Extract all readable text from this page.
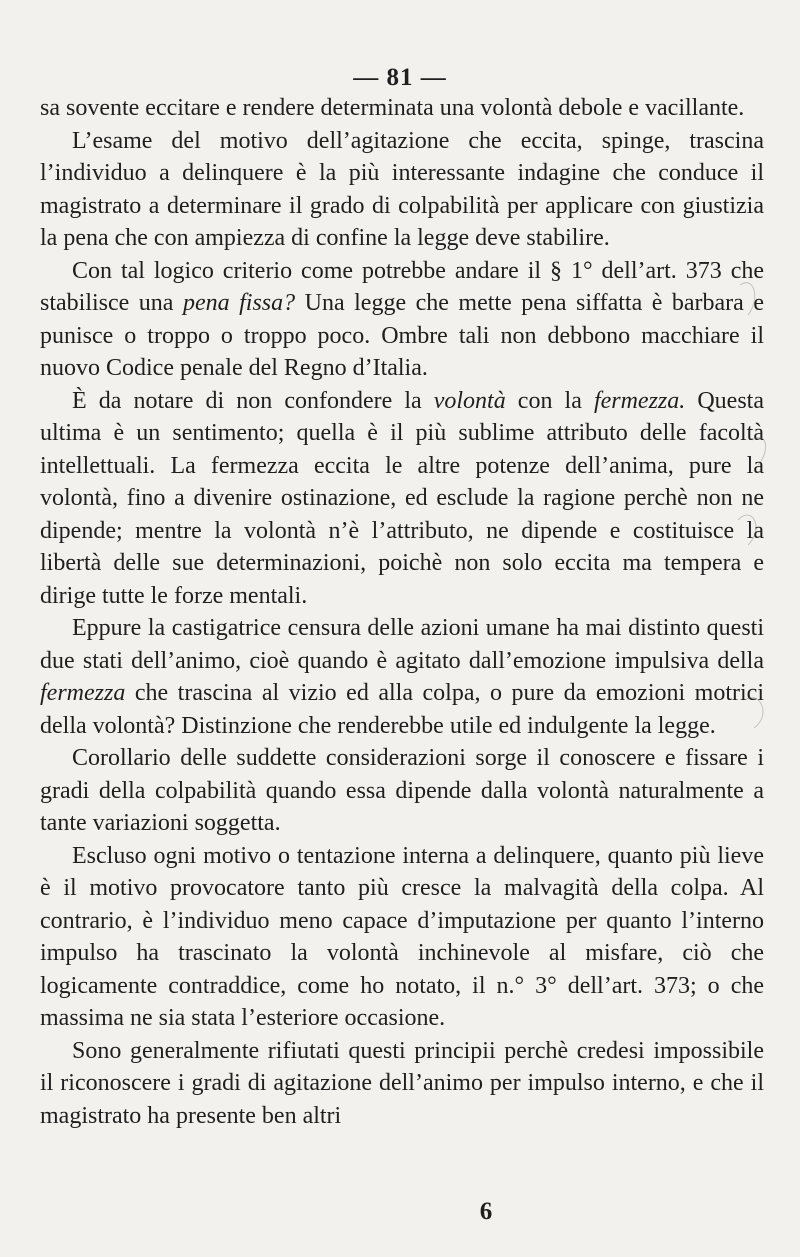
— 81 —

sa sovente eccitare e rendere determinata una volontà debole e vacillante.

L’esame del motivo dell’agitazione che eccita, spinge, trascina l’individuo a delinquere è la più interessante indagine che conduce il magistrato a determinare il grado di colpabilità per applicare con giustizia la pena che con ampiezza di confine la legge deve stabilire.

Con tal logico criterio come potrebbe andare il § 1° dell’art. 373 che stabilisce una pena fissa? Una legge che mette pena siffatta è barbara e punisce o troppo o troppo poco. Ombre tali non debbono macchiare il nuovo Codice penale del Regno d’Italia.

È da notare di non confondere la volontà con la fermezza. Questa ultima è un sentimento; quella è il più sublime attributo delle facoltà intellettuali. La fermezza eccita le altre potenze dell’anima, pure la volontà, fino a divenire ostinazione, ed esclude la ragione perchè non ne dipende; mentre la volontà n’è l’attributo, ne dipende e costituisce la libertà delle sue determinazioni, poichè non solo eccita ma tempera e dirige tutte le forze mentali.

Eppure la castigatrice censura delle azioni umane ha mai distinto questi due stati dell’animo, cioè quando è agitato dall’emozione impulsiva della fermezza che trascina al vizio ed alla colpa, o pure da emozioni motrici della volontà? Distinzione che renderebbe utile ed indulgente la legge.

Corollario delle suddette considerazioni sorge il conoscere e fissare i gradi della colpabilità quando essa dipende dalla volontà naturalmente a tante variazioni soggetta.

Escluso ogni motivo o tentazione interna a delinquere, quanto più lieve è il motivo provocatore tanto più cresce la malvagità della colpa. Al contrario, è l’individuo meno capace d’imputazione per quanto l’interno impulso ha trascinato la volontà inchinevole al misfare, ciò che logicamente contraddice, come ho notato, il n.° 3° dell’art. 373; o che massima ne sia stata l’esteriore occasione.

Sono generalmente rifiutati questi principii perchè credesi impossibile il riconoscere i gradi di agitazione dell’animo per impulso interno, e che il magistrato ha presente ben altri

6
